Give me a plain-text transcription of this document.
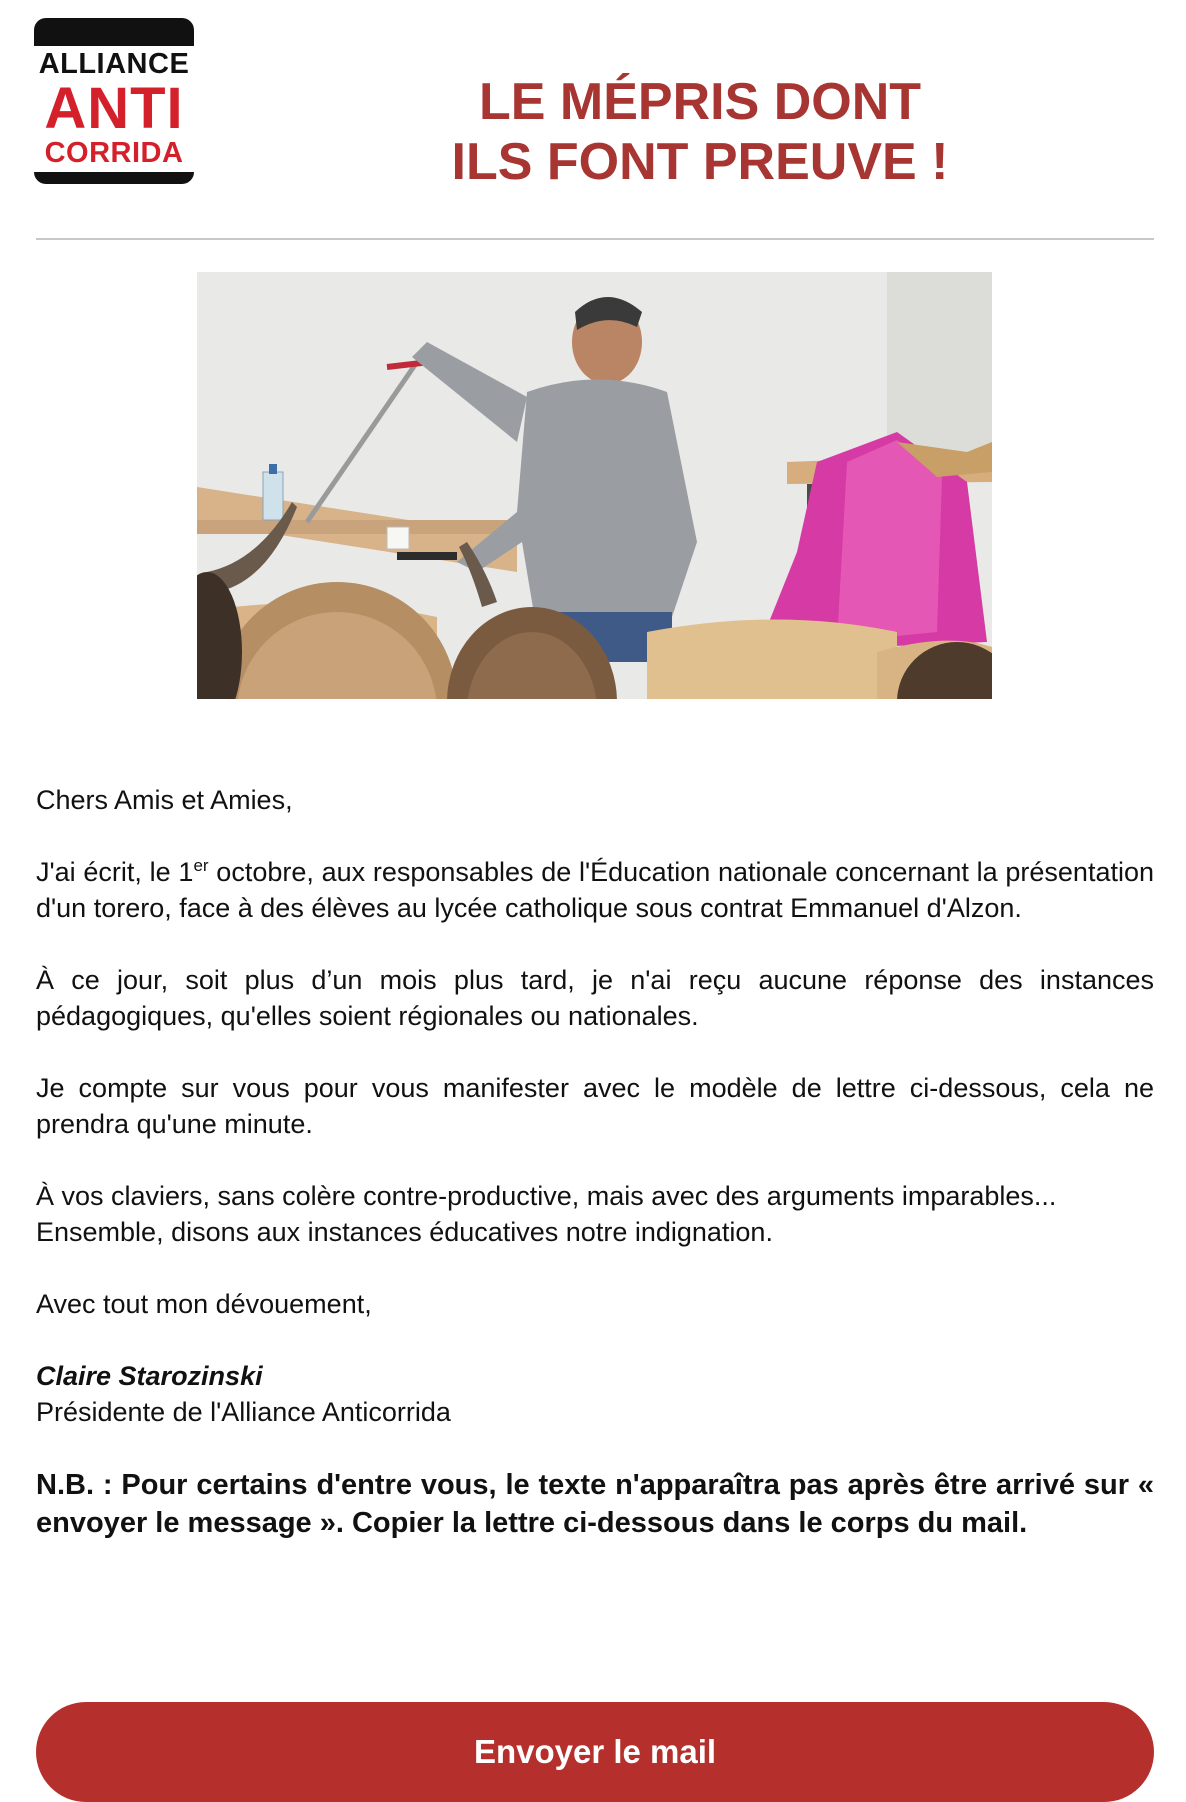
ALLIANCE
ANTI
CORRIDA
LE MÉPRIS DONT
ILS FONT PREUVE !

Chers Amis et Amies,

J'ai écrit, le 1er octobre, aux responsables de l'Éducation nationale concernant la présentation d'un torero, face à des élèves au lycée catholique sous contrat Emmanuel d'Alzon.

À ce jour, soit plus d’un mois plus tard, je n'ai reçu aucune réponse des instances pédagogiques, qu'elles soient régionales ou nationales.

Je compte sur vous pour vous manifester avec le modèle de lettre ci-dessous, cela ne prendra qu'une minute.

À vos claviers, sans colère contre-productive, mais avec des arguments imparables...

Ensemble, disons aux instances éducatives notre indignation.

Avec tout mon dévouement,

Claire Starozinski
Présidente de l'Alliance Anticorrida

N.B. : Pour certains d'entre vous, le texte n'apparaîtra pas après être arrivé sur « envoyer le message ». Copier la lettre ci-dessous dans le corps du mail.

Envoyer le mail
